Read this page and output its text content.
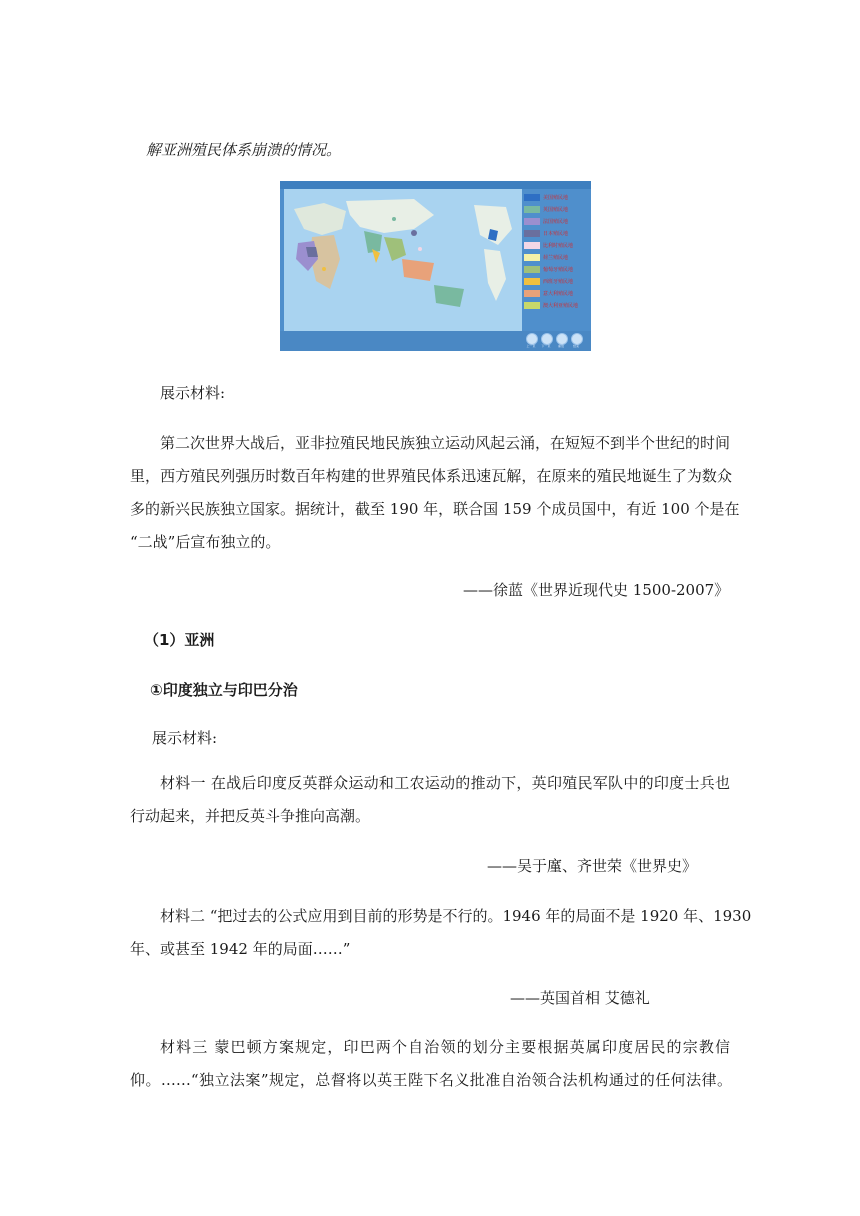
解亚洲殖民体系崩溃的情况。
美国殖民地
英国殖民地
法国殖民地
日本殖民地
比利时殖民地
荷兰殖民地
葡萄牙殖民地
西班牙殖民地
意大利殖民地
澳大利亚殖民地
上一页	下一页	重放	结束
展示材料:
第二次世界大战后，亚非拉殖民地民族独立运动风起云涌，在短短不到半个世纪的时间
里，西方殖民列强历时数百年构建的世界殖民体系迅速瓦解，在原来的殖民地诞生了为数众
多的新兴民族独立国家。据统计，截至 190 年，联合国 159 个成员国中，有近 100 个是在
“二战”后宣布独立的。
——徐蓝《世界近现代史 1500-2007》
（1）亚洲
①印度独立与印巴分治
展示材料:
材料一 在战后印度反英群众运动和工农运动的推动下，英印殖民军队中的印度士兵也
行动起来，并把反英斗争推向高潮。
——吴于廑、齐世荣《世界史》
材料二 “把过去的公式应用到目前的形势是不行的。1946 年的局面不是 1920 年、1930
年、或甚至 1942 年的局面……”
——英国首相 艾德礼
材料三 蒙巴顿方案规定，印巴两个自治领的划分主要根据英属印度居民的宗教信
仰。……“独立法案”规定，总督将以英王陛下名义批准自治领合法机构通过的任何法律。
